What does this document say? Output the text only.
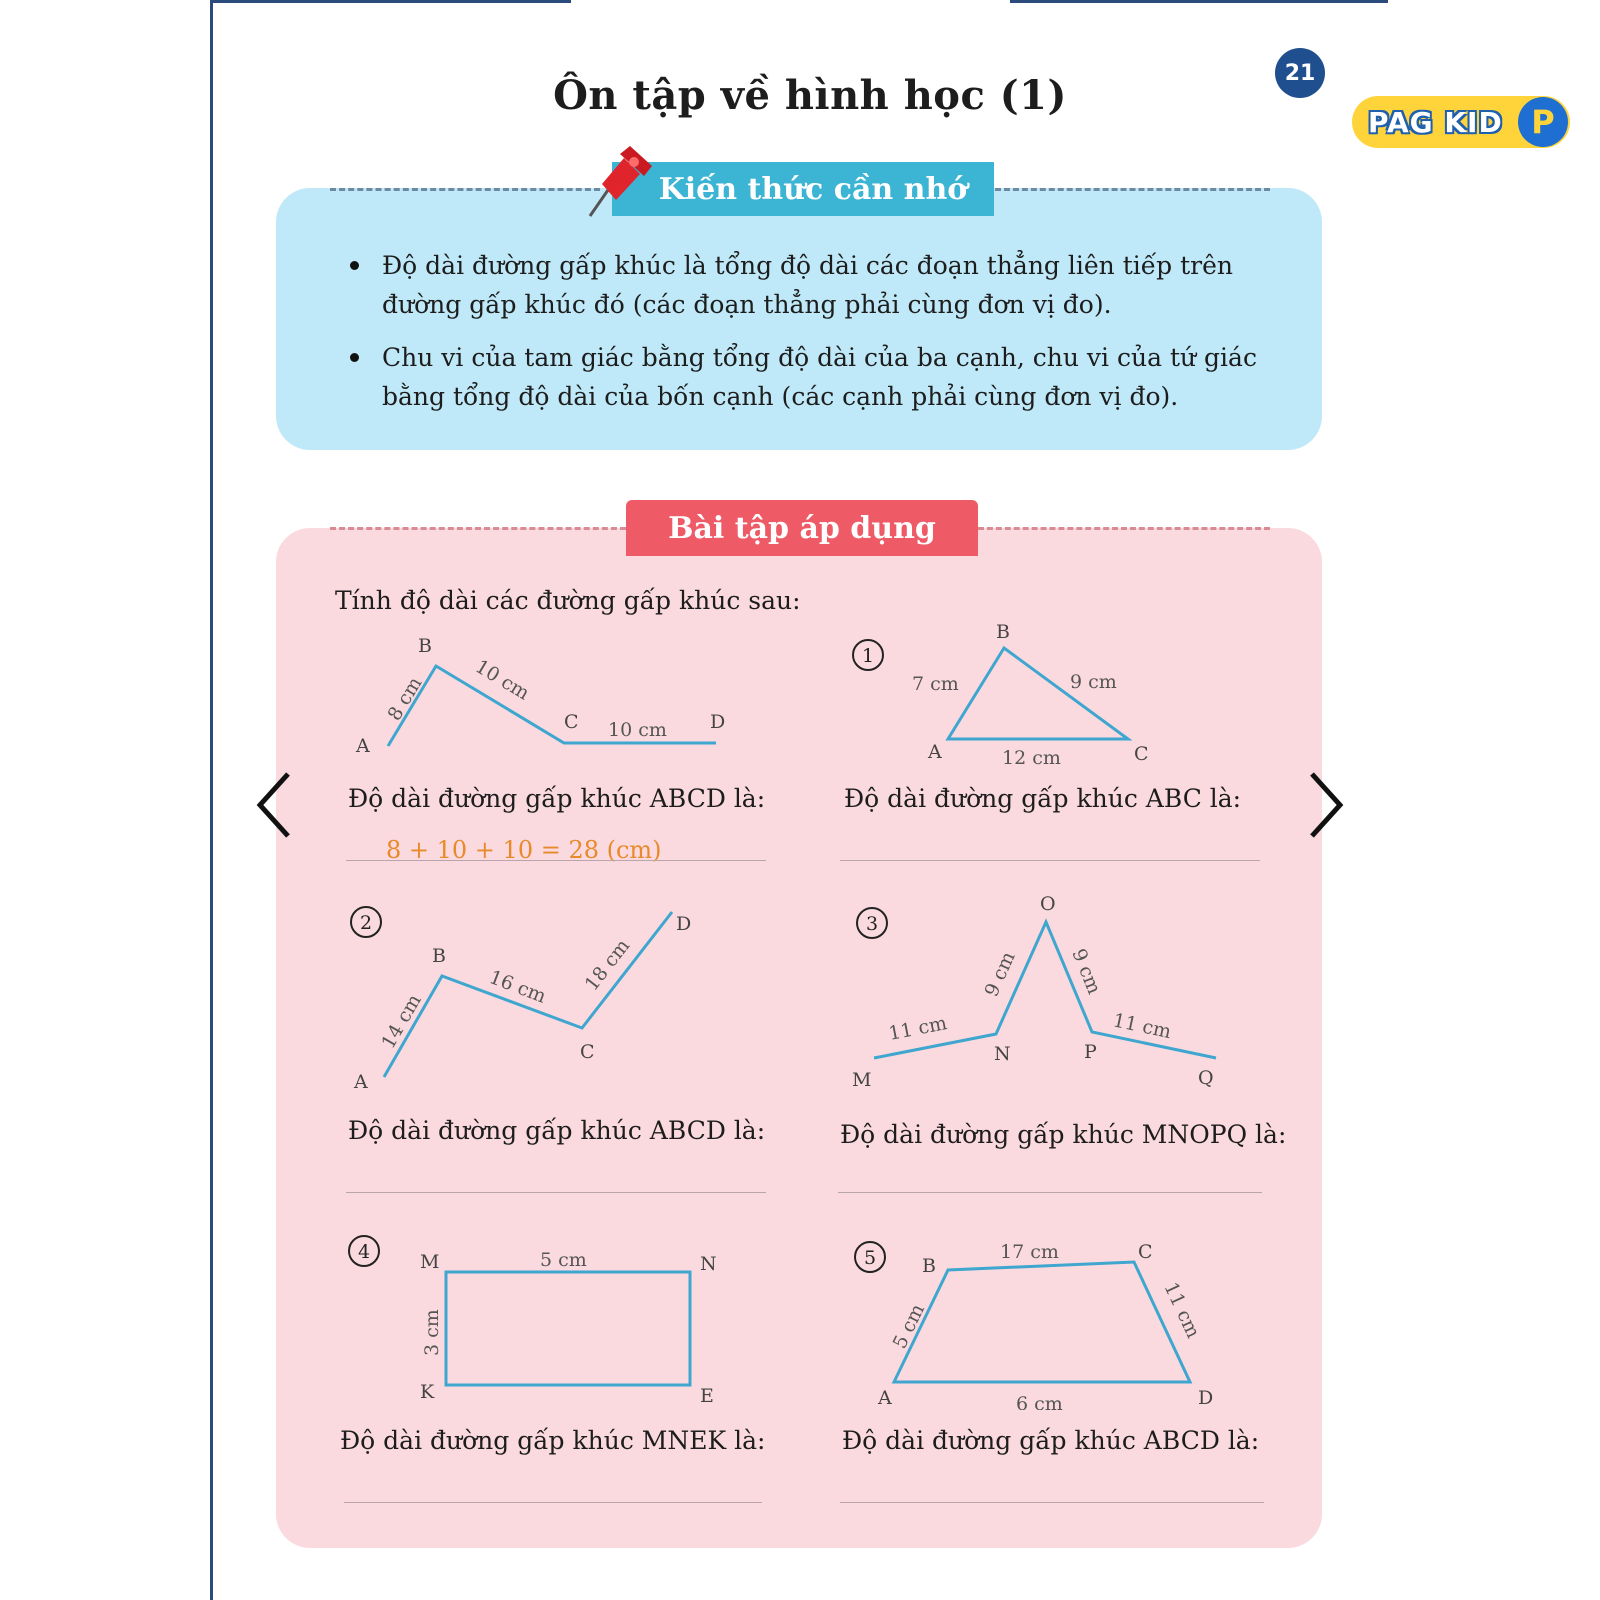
Ôn tập về hình học (1)	21
PAG KID P
Kiến thức cần nhớ
Độ dài đường gấp khúc là tổng độ dài các đoạn thẳng liên tiếp trên đường gấp khúc đó (các đoạn thẳng phải cùng đơn vị đo).
Chu vi của tam giác bằng tổng độ dài của ba cạnh, chu vi của tứ giác bằng tổng độ dài của bốn cạnh (các cạnh phải cùng đơn vị đo).
Bài tập áp dụng
Tính độ dài các đường gấp khúc sau:
A
B
C	D
8 cm 10 cm
10 cm
Độ dài đường gấp khúc ABCD là:
8 + 10 + 10 = 28 (cm)
1
A
B
C
7 cm	9 cm
12 cm
Độ dài đường gấp khúc ABC là:
2
A
B
C
D
14 cm
16 cm 18 cm
Độ dài đường gấp khúc ABCD là:
3
M
N
O
P
Q
11 cm
9 cm	9 cm
11 cm
Độ dài đường gấp khúc MNOPQ là:
4	M	N
E
K
5 cm
3 cm
Độ dài đường gấp khúc MNEK là:
5
A
B
C
D
17 cm
5 cm	11 cm
6 cm
Độ dài đường gấp khúc ABCD là:
